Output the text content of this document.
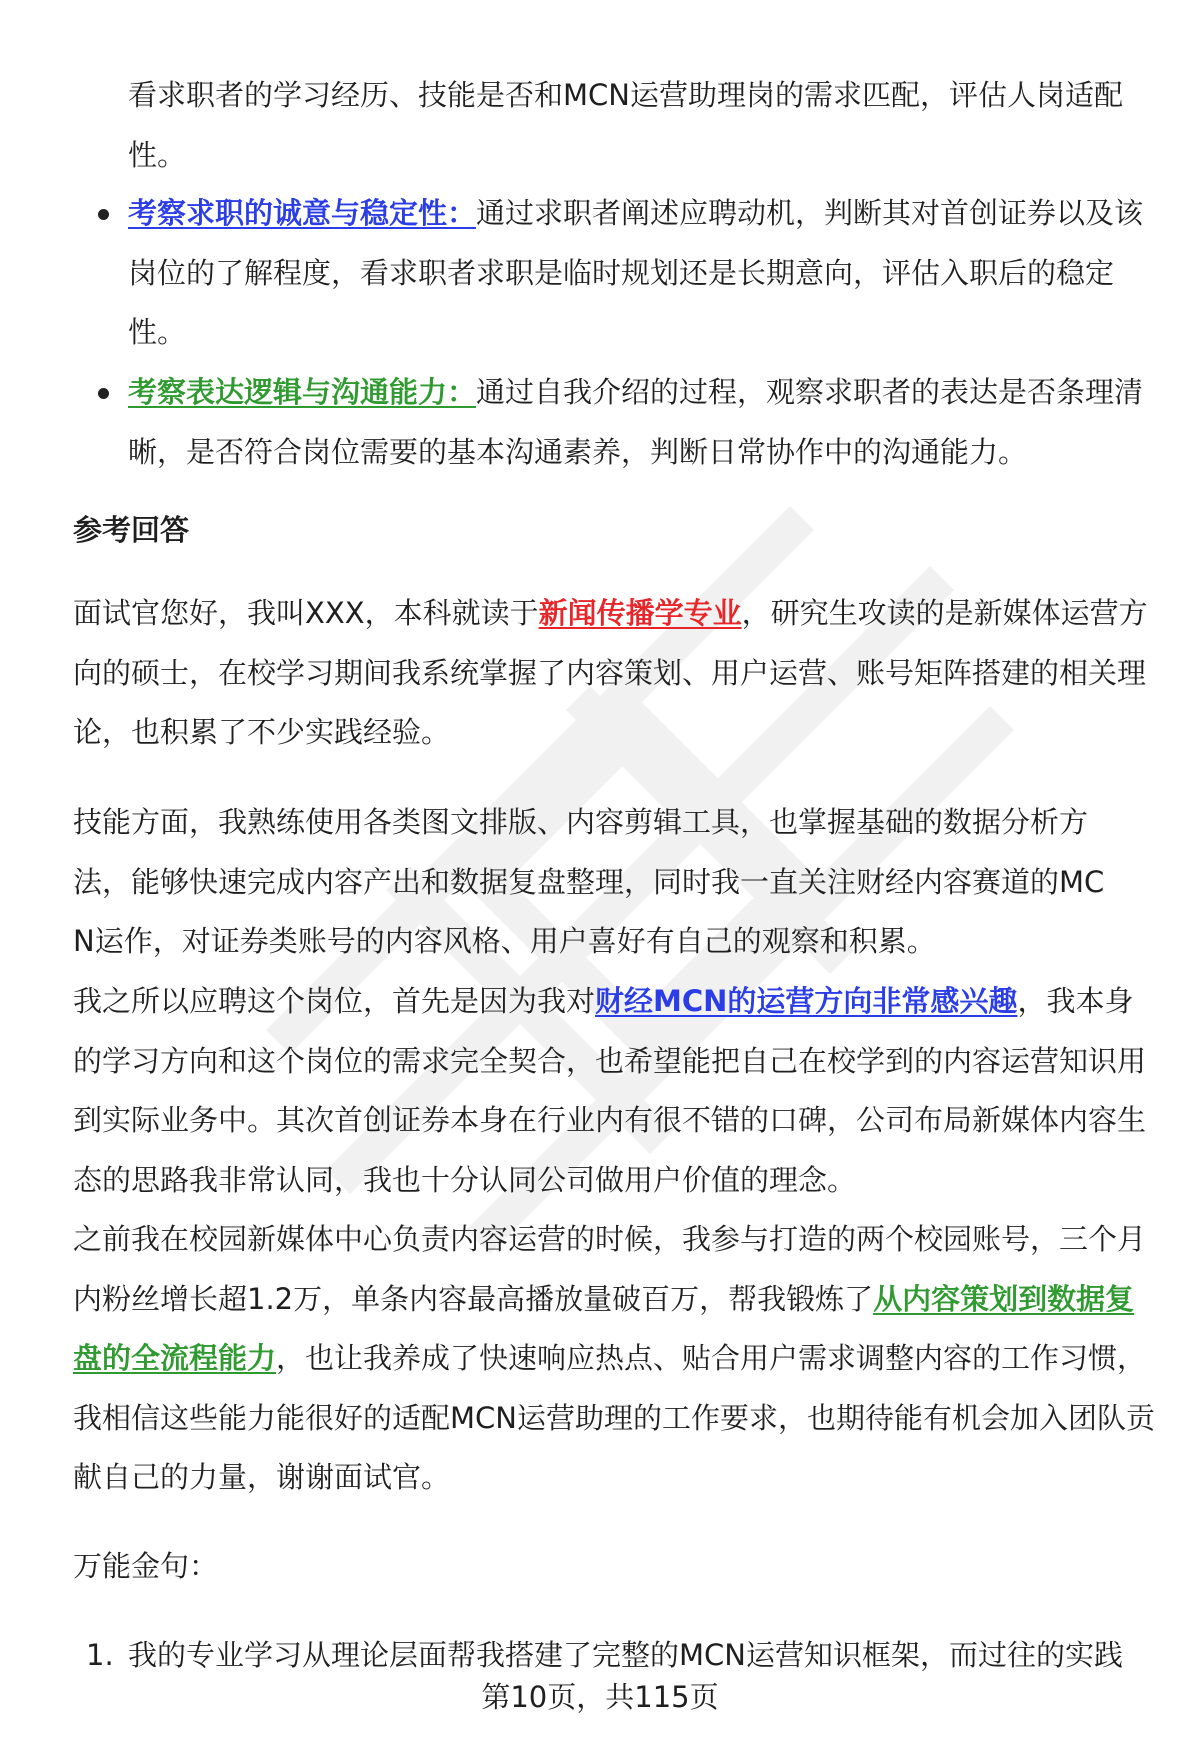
看求职者的学习经历、技能是否和MCN运营助理岗的需求匹配，评估人岗适配性。

考察求职的诚意与稳定性：通过求职者阐述应聘动机，判断其对首创证券以及该岗位的了解程度，看求职者求职是临时规划还是长期意向，评估入职后的稳定性。

考察表达逻辑与沟通能力：通过自我介绍的过程，观察求职者的表达是否条理清晰，是否符合岗位需要的基本沟通素养，判断日常协作中的沟通能力。

参考回答

面试官您好，我叫XXX，本科就读于新闻传播学专业，研究生攻读的是新媒体运营方向的硕士，在校学习期间我系统掌握了内容策划、用户运营、账号矩阵搭建的相关理论，也积累了不少实践经验。

技能方面，我熟练使用各类图文排版、内容剪辑工具，也掌握基础的数据分析方法，能够快速完成内容产出和数据复盘整理，同时我一直关注财经内容赛道的MCN运作，对证券类账号的内容风格、用户喜好有自己的观察和积累。

我之所以应聘这个岗位，首先是因为我对财经MCN的运营方向非常感兴趣，我本身的学习方向和这个岗位的需求完全契合，也希望能把自己在校学到的内容运营知识用到实际业务中。其次首创证券本身在行业内有很不错的口碑，公司布局新媒体内容生态的思路我非常认同，我也十分认同公司做用户价值的理念。

之前我在校园新媒体中心负责内容运营的时候，我参与打造的两个校园账号，三个月内粉丝增长超1.2万，单条内容最高播放量破百万，帮我锻炼了从内容策划到数据复盘的全流程能力，也让我养成了快速响应热点、贴合用户需求调整内容的工作习惯，我相信这些能力能很好的适配MCN运营助理的工作要求，也期待能有机会加入团队贡献自己的力量，谢谢面试官。

万能金句：

1. 我的专业学习从理论层面帮我搭建了完整的MCN运营知识框架，而过往的实践

第10页，共115页
